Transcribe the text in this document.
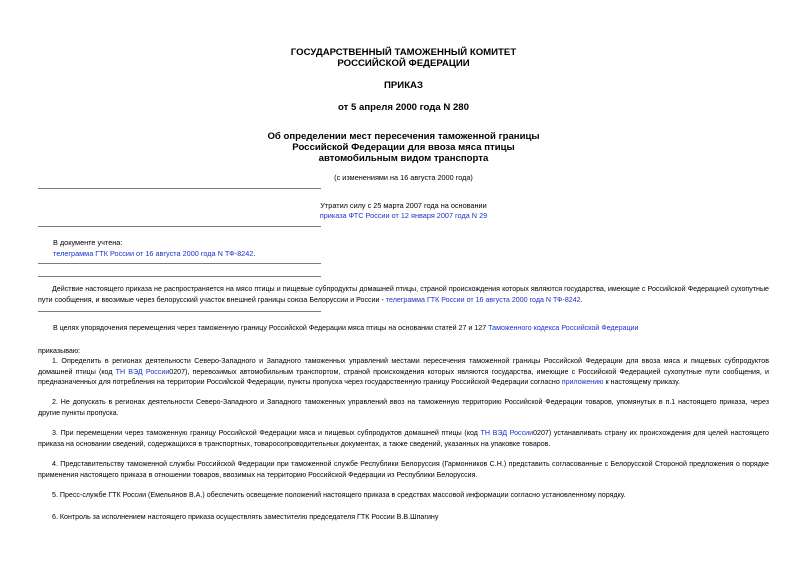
ГОСУДАРСТВЕННЫЙ ТАМОЖЕННЫЙ КОМИТЕТ
РОССИЙСКОЙ ФЕДЕРАЦИИ
ПРИКАЗ
от 5 апреля 2000 года N 280
Об определении мест пересечения таможенной границы
Российской Федерации для ввоза мяса птицы
автомобильным видом транспорта
(с изменениями на 16 августа 2000 года)
Утратил силу с 25 марта 2007 года на основании
приказа ФТС России от 12 января 2007 года N 29
В документе учтена:
телеграмма ГТК России от 16 августа 2000 года N ТФ-8242.
Действие настоящего приказа не распространяется на мясо птицы и пищевые субпродукты домашней птицы, страной происхождения которых являются государства, имеющие с Российской Федерацией сухопутные пути сообщения, и ввозимые через белорусский участок внешней границы союза Белоруссии и России - телеграмма ГТК России от 16 августа 2000 года N ТФ-8242.
В целях упорядочения перемещения через таможенную границу Российской Федерации мяса птицы на основании статей 27 и 127 Таможенного кодекса Российской Федерации
приказываю:
1. Определить в регионах деятельности Северо-Западного и Западного таможенных управлений местами пересечения таможенной границы Российской Федерации для ввоза мяса и пищевых субпродуктов домашней птицы (код ТН ВЭД России0207), перевозимых автомобильным транспортом, страной происхождения которых являются государства, имеющие с Российской Федерацией сухопутные пути сообщения, и предназначенных для потребления на территории Российской Федерации, пункты пропуска через государственную границу Российской Федерации согласно приложению к настоящему приказу.
2. Не допускать в регионах деятельности Северо-Западного и Западного таможенных управлений ввоз на таможенную территорию Российской Федерации товаров, упомянутых в п.1 настоящего приказа, через другие пункты пропуска.
3. При перемещении через таможенную границу Российской Федерации мяса и пищевых субпродуктов домашней птицы (код ТН ВЭД России0207) устанавливать страну их происхождения для целей настоящего приказа на основании сведений, содержащихся в транспортных, товаросопроводительных документах, а также сведений, указанных на упаковке товаров.
4. Представительству таможенной службы Российской Федерации при таможенной службе Республики Белоруссия (Гармонников С.Н.) представить согласованные с Белорусской Стороной предложения о порядке применения настоящего приказа в отношении товаров, ввозимых на территорию Российской Федерации из Республики Белоруссия.
5. Пресс-службе ГТК России (Емельянов В.А.) обеспечить освещение положений настоящего приказа в средствах массовой информации согласно установленному порядку.
6. Контроль за исполнением настоящего приказа осуществлять заместителю председателя ГТК России В.В.Шпагину
